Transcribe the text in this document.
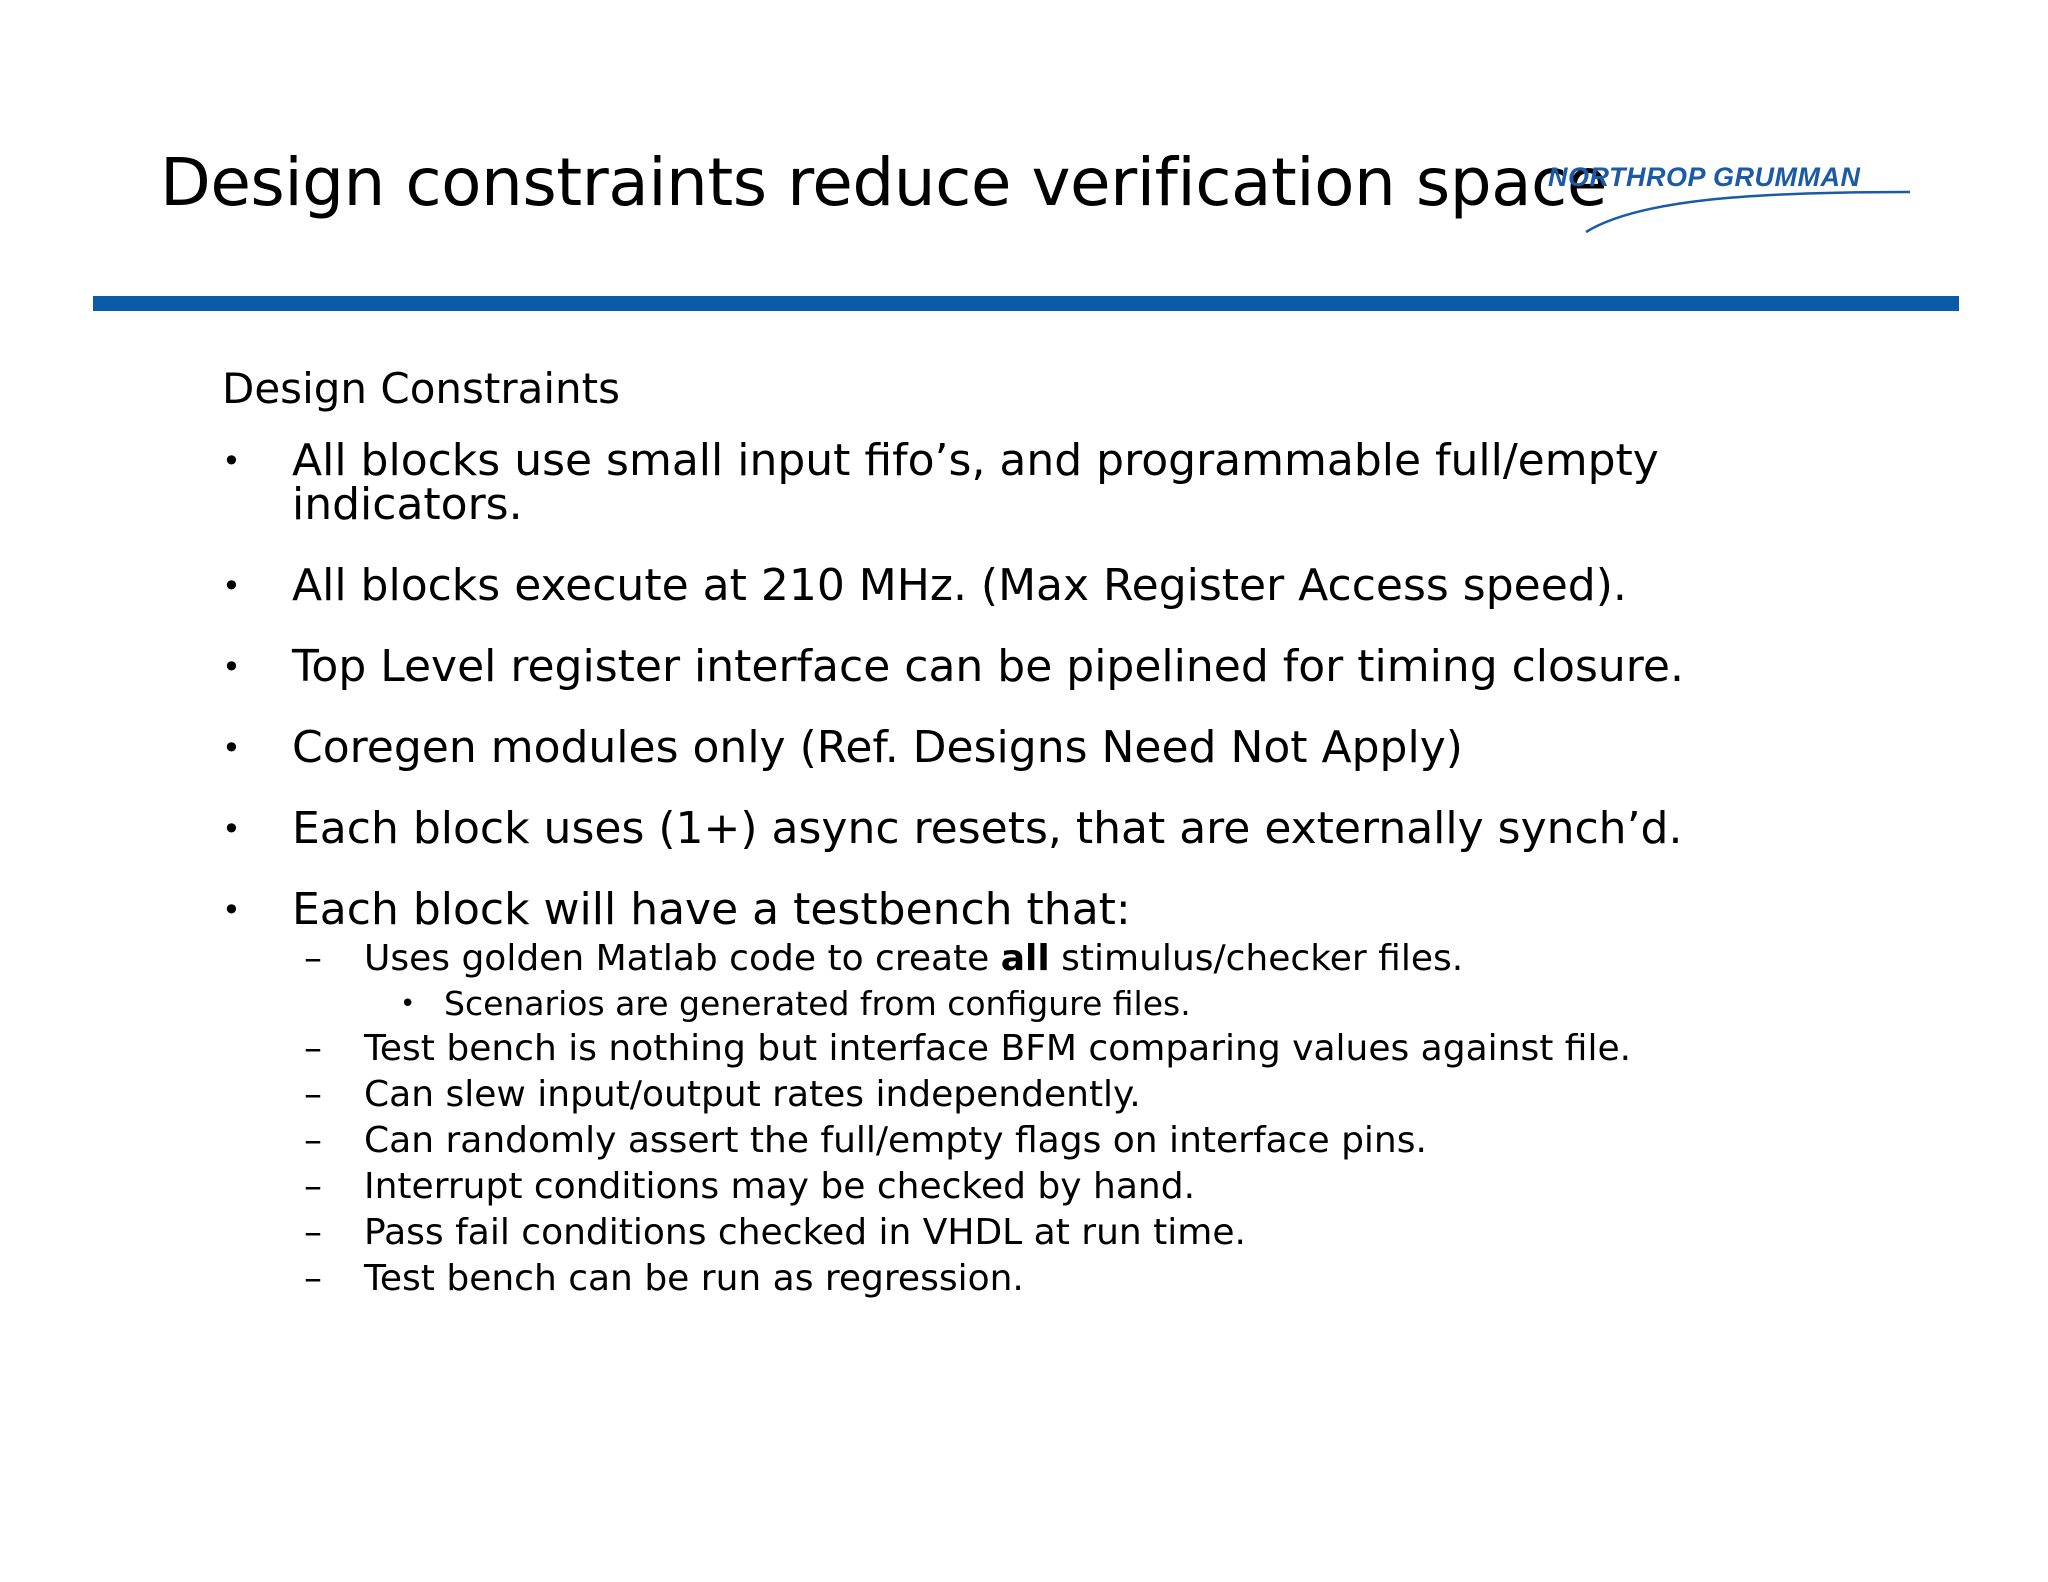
Design constraints reduce verification space
NORTHROP GRUMMAN
Design Constraints
• All blocks use small input fifo’s, and programmable full/empty indicators.
• All blocks execute at 210 MHz. (Max Register Access speed).
• Top Level register interface can be pipelined for timing closure.
• Coregen modules only (Ref. Designs Need Not Apply)
• Each block uses (1+) async resets, that are externally synch’d.
• Each block will have a testbench that:
– Uses golden Matlab code to create all stimulus/checker files.
• Scenarios are generated from configure files.
– Test bench is nothing but interface BFM comparing values against file.
– Can slew input/output rates independently.
– Can randomly assert the full/empty flags on interface pins.
– Interrupt conditions may be checked by hand.
– Pass fail conditions checked in VHDL at run time.
– Test bench can be run as regression.
